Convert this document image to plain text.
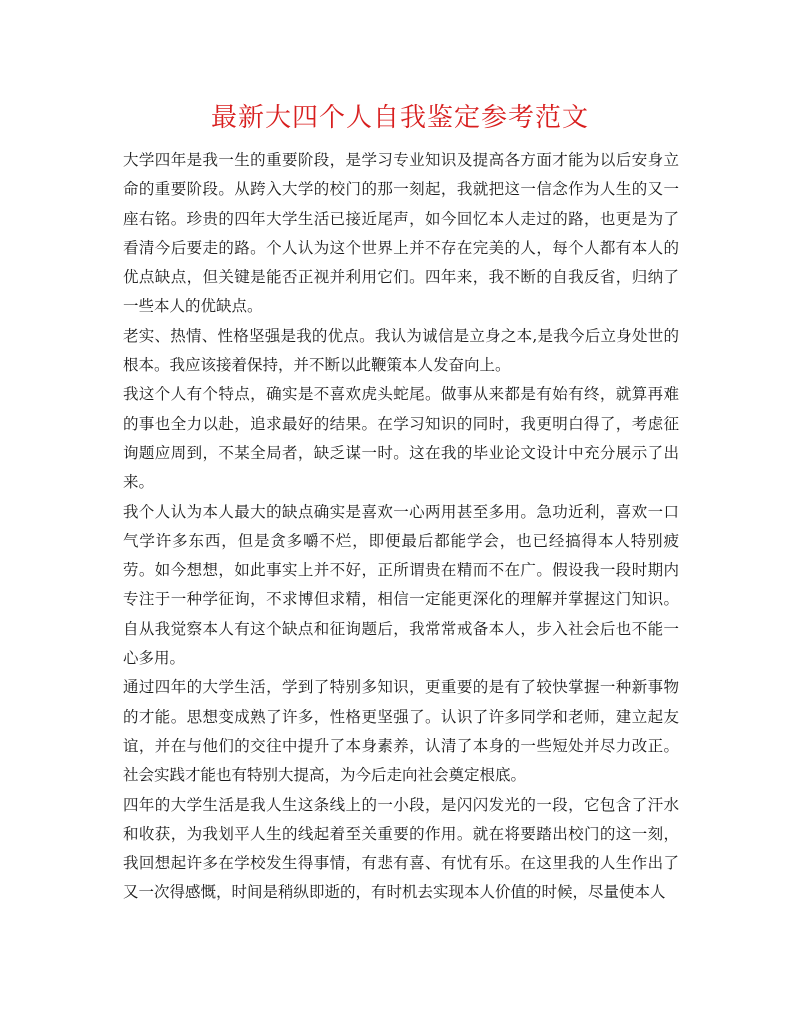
最新大四个人自我鉴定参考范文

大学四年是我一生的重要阶段，是学习专业知识及提高各方面才能为以后安身立命的重要阶段。从跨入大学的校门的那一刻起，我就把这一信念作为人生的又一座右铭。珍贵的四年大学生活已接近尾声，如今回忆本人走过的路，也更是为了看清今后要走的路。个人认为这个世界上并不存在完美的人，每个人都有本人的优点缺点，但关键是能否正视并利用它们。四年来，我不断的自我反省，归纳了一些本人的优缺点。

老实、热情、性格坚强是我的优点。我认为诚信是立身之本,是我今后立身处世的根本。我应该接着保持，并不断以此鞭策本人发奋向上。

我这个人有个特点，确实是不喜欢虎头蛇尾。做事从来都是有始有终，就算再难的事也全力以赴，追求最好的结果。在学习知识的同时，我更明白得了，考虑征询题应周到，不某全局者，缺乏谋一时。这在我的毕业论文设计中充分展示了出来。

我个人认为本人最大的缺点确实是喜欢一心两用甚至多用。急功近利，喜欢一口气学许多东西，但是贪多嚼不烂，即便最后都能学会，也已经搞得本人特别疲劳。如今想想，如此事实上并不好，正所谓贵在精而不在广。假设我一段时期内专注于一种学征询，不求博但求精，相信一定能更深化的理解并掌握这门知识。自从我觉察本人有这个缺点和征询题后，我常常戒备本人，步入社会后也不能一心多用。

通过四年的大学生活，学到了特别多知识，更重要的是有了较快掌握一种新事物的才能。思想变成熟了许多，性格更坚强了。认识了许多同学和老师，建立起友谊，并在与他们的交往中提升了本身素养，认清了本身的一些短处并尽力改正。社会实践才能也有特别大提高，为今后走向社会奠定根底。

四年的大学生活是我人生这条线上的一小段，是闪闪发光的一段，它包含了汗水和收获，为我划平人生的线起着至关重要的作用。就在将要踏出校门的这一刻，我回想起许多在学校发生得事情，有悲有喜、有忧有乐。在这里我的人生作出了又一次得感慨，时间是稍纵即逝的，有时机去实现本人价值的时候，尽量使本人
